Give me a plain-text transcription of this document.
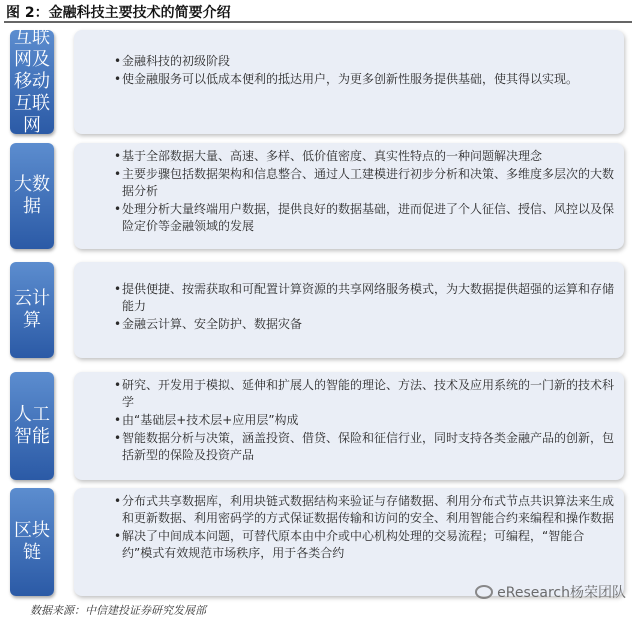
图 2：金融科技主要技术的简要介绍
互联网及移动互联网
• 金融科技的初级阶段
• 使金融服务可以低成本便利的抵达用户，为更多创新性服务提供基础，使其得以实现。
大数据
• 基于全部数据大量、高速、多样、低价值密度、真实性特点的一种问题解决理念
• 主要步骤包括数据架构和信息整合、通过人工建模进行初步分析和决策、多维度多层次的大数据分析
• 处理分析大量终端用户数据，提供良好的数据基础，进而促进了个人征信、授信、风控以及保险定价等金融领域的发展
云计算
• 提供便捷、按需获取和可配置计算资源的共享网络服务模式，为大数据提供超强的运算和存储能力
• 金融云计算、安全防护、数据灾备
人工智能
• 研究、开发用于模拟、延伸和扩展人的智能的理论、方法、技术及应用系统的一门新的技术科学
• 由“基础层+技术层+应用层”构成
• 智能数据分析与决策，涵盖投资、借贷、保险和征信行业，同时支持各类金融产品的创新，包括新型的保险及投资产品
区块链
• 分布式共享数据库，利用块链式数据结构来验证与存储数据、利用分布式节点共识算法来生成和更新数据、利用密码学的方式保证数据传输和访问的安全、利用智能合约来编程和操作数据
• 解决了中间成本问题，可替代原本由中介或中心机构处理的交易流程；可编程，“智能合约”模式有效规范市场秩序，用于各类合约
数据来源：中信建投证券研究发展部
eResearch杨荣团队
